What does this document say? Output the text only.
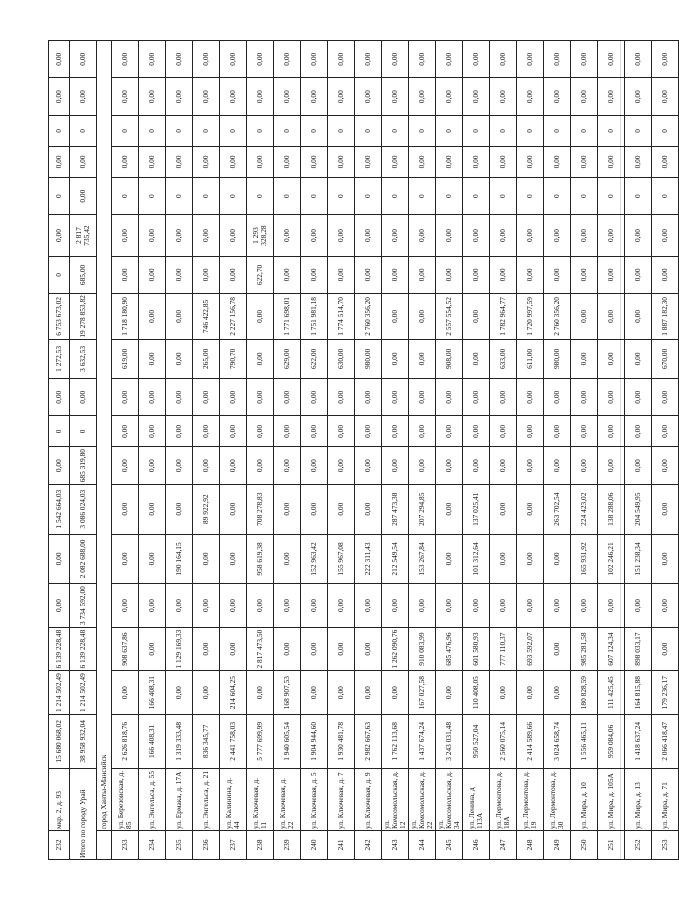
232	мкр. 2, д. 93	15 680 068,02	1 214 502,49	6 139 228,48	0,00	0,00	1 542 664,03	0,00	0	0,00	1 272,53	6 753 673,02	0	0,00	0	0,00	0	0,00	0,00
Итого по городу Урай		38 958 932,04	1 214 502,49	6 139 228,48	3 734 592,00	2 082 688,00	3 086 024,03	685 319,80	0	0,00	3 632,53	19 278 853,82	685,00	2 817 735,42	0,00	0,00	0	0,00	0,00
	город Ханты-Мансийск																		
233	ул. Березовская, д. 85	2 626 818,76	0,00	908 637,86	0,00	0,00	0,00	0,00	0,00	0,00	619,00	1 718 180,90	0,00	0,00	0	0,00	0	0,00	0,00
234	ул. Энгельса, д. 55	166 408,31	166 408,31	0,00	0,00	0,00	0,00	0,00	0,00	0,00	0,00	0,00	0,00	0,00	0	0,00	0	0,00	0,00
235	ул. Ермака, д. 17А	1 319 333,48	0,00	1 129 169,33	0,00	190 164,15	0,00	0,00	0,00	0,00	0,00	0,00	0,00	0,00	0	0,00	0	0,00	0,00
236	ул. Энгельса, д. 21	836 345,77	0,00	0,00	0,00	0,00	89 922,92	0,00	0,00	0,00	265,00	746 422,85	0,00	0,00	0	0,00	0	0,00	0,00
237	ул. Калинина, д. 44	2 441 758,03	214 604,25	0,00	0,00	0,00	0,00	0,00	0,00	0,00	790,70	2 227 156,78	0,00	0,00	0	0,00	0	0,00	0,00
238	ул. Ключевая, д. 11	5 777 699,99	0,00	2 817 473,50	0,00	958 619,38	708 278,83	0,00	0,00	0,00	0,00	0,00	622,70	1 293 328,28	0	0,00	0	0,00	0,00
239	ул. Ключевая, д. 22	1 940 605,54	168 907,53	0,00	0,00	0,00	0,00	0,00	0,00	0,00	629,00	1 771 698,01	0,00	0,00	0	0,00	0	0,00	0,00
240	ул. Ключевая, д. 5	1 904 944,60	0,00	0,00	0,00	152 963,42	0,00	0,00	0,00	0,00	622,00	1 751 981,18	0,00	0,00	0	0,00	0	0,00	0,00
241	ул. Ключевая, д. 7	1 930 481,78	0,00	0,00	0,00	155 967,08	0,00	0,00	0,00	0,00	630,00	1 774 514,70	0,00	0,00	0	0,00	0	0,00	0,00
242	ул. Ключевая, д. 9	2 982 667,63	0,00	0,00	0,00	222 311,43	0,00	0,00	0,00	0,00	980,00	2 760 356,20	0,00	0,00	0	0,00	0	0,00	0,00
243	ул. Комсомольская, д. 12	1 762 113,68	0,00	1 262 090,76	0,00	212 549,54	287 473,38	0,00	0,00	0,00	0,00	0,00	0,00	0,00	0	0,00	0	0,00	0,00
244	ул. Комсомольская, д. 22	1 437 674,24	167 027,58	910 083,99	0,00	153 267,84	207 294,85	0,00	0,00	0,00	0,00	0,00	0,00	0,00	0	0,00	0	0,00	0,00
245	ул. Комсомольская, д. 34	3 243 031,48	0,00	685 476,96	0,00	0,00	0,00	0,00	0,00	0,00	908,00	2 557 554,52	0,00	0,00	0	0,00	0	0,00	0,00
246	ул. Ленина, д 113А	950 527,04	110 408,05	601 580,93	0,00	101 312,64	137 025,41	0,00	0,00	0,00	0,00	0,00	0,00	0,00	0	0,00	0	0,00	0,00
247	ул. Лермонтова, д. 18А	2 560 075,14	0,00	777 110,37	0,00	0,00	0,00	0,00	0,00	0,00	633,00	1 782 964,77	0,00	0,00	0	0,00	0	0,00	0,00
248	ул. Лермонтова, д. 19	2 414 589,66	0,00	693 592,07	0,00	0,00	0,00	0,00	0,00	0,00	611,00	1 720 997,59	0,00	0,00	0	0,00	0	0,00	0,00
249	ул. Лермонтова, д. 30	3 024 658,74	0,00	0,00	0,00	0,00	263 702,54	0,00	0,00	0,00	980,00	2 760 356,20	0,00	0,00	0	0,00	0	0,00	0,00
250	ул. Мира, д. 10	1 556 465,11	180 828,59	985 281,58	0,00	165 931,92	224 423,02	0,00	0,00	0,00	0,00	0,00	0,00	0,00	0	0,00	0	0,00	0,00
251	ул. Мира, д. 105А	959 084,06	111 425,45	607 124,34	0,00	102 246,21	138 288,06	0,00	0,00	0,00	0,00	0,00	0,00	0,00	0	0,00	0	0,00	0,00
252	ул. Мира, д. 13	1 418 637,24	164 815,88	898 033,17	0,00	151 238,34	204 549,95	0,00	0,00	0,00	0,00	0,00	0,00	0,00	0	0,00	0	0,00	0,00
253	ул. Мира, д. 71	2 066 418,47	179 236,17	0,00	0,00	0,00	0,00	0,00	0,00	0,00	670,00	1 887 182,30	0,00	0,00	0	0,00	0	0,00	0,00
